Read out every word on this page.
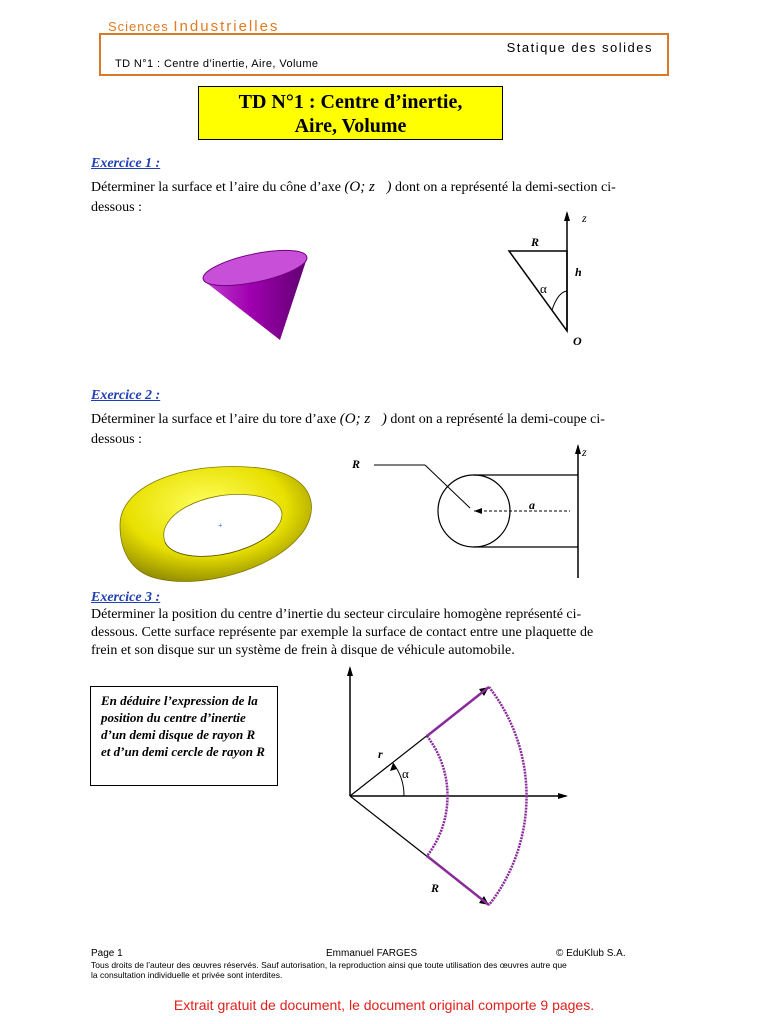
Sciences Industrielles
Statique des solides
TD N°1 : Centre d’inertie, Aire, Volume
TD N°1 : Centre d’inertie,
Aire, Volume
Exercice 1 :
Déterminer la surface et l’aire du cône d’axe (O; z⃗) dont on a représenté la demi-section ci-
dessous :
z⃗
R
h
α
O
Exercice 2 :
Déterminer la surface et l’aire du tore d’axe (O; z⃗) dont on a représenté la demi-coupe ci-
dessous :
+
z⃗
R
a
Exercice 3 :
Déterminer la position du centre d’inertie du secteur circulaire homogène représenté ci-
dessous. Cette surface représente par exemple la surface de contact entre une plaquette de
frein et son disque sur un système de frein à disque de véhicule automobile.
En déduire l’expression de la position du centre d’inertie d’un demi disque de rayon R et d’un demi cercle de rayon R	r
α
R
Page 1	Emmanuel FARGES	© EduKlub S.A.
Tous droits de l’auteur des œuvres réservés. Sauf autorisation, la reproduction ainsi que toute utilisation des œuvres autre que
la consultation individuelle et privée sont interdites.
Extrait gratuit de document, le document original comporte 9 pages.
